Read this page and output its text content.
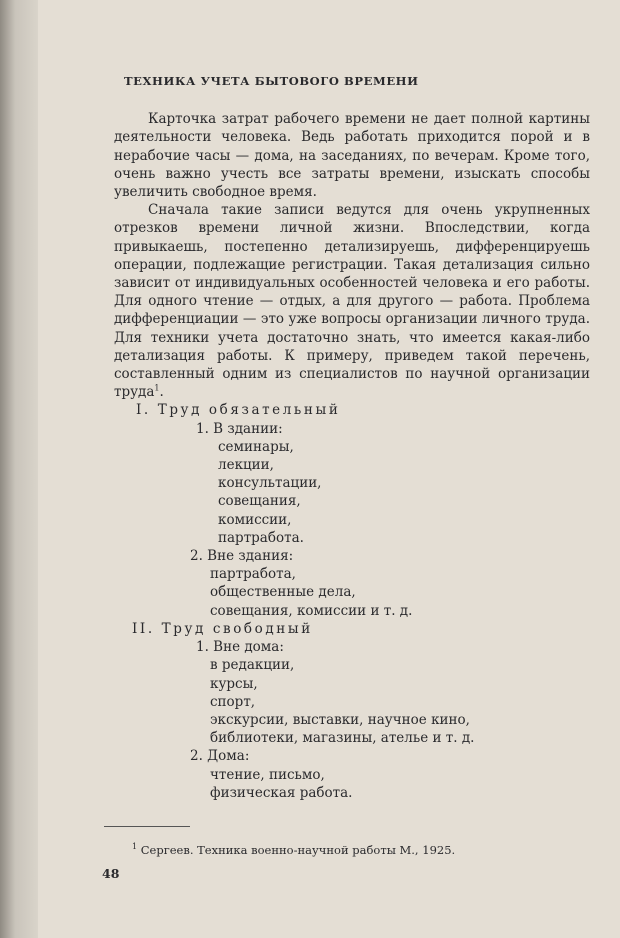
ТЕХНИКА УЧЕТА БЫТОВОГО ВРЕМЕНИ

Карточка затрат рабочего времени не дает полной картины деятельности человека. Ведь работать приходится порой и в нерабочие часы — дома, на заседаниях, по вечерам. Кроме того, очень важно учесть все затраты времени, изыскать способы увеличить свободное время.

Сначала такие записи ведутся для очень укрупненных отрезков времени личной жизни. Впоследствии, когда привыкаешь, постепенно детализируешь, дифференцируешь операции, подлежащие регистрации. Такая детализация сильно зависит от индивидуальных особенностей человека и его работы. Для одного чтение — отдых, а для другого — работа. Проблема дифференциации — это уже вопросы организации личного труда. Для техники учета достаточно знать, что имеется какая-либо детализация работы. К примеру, приведем такой перечень, составленный одним из специалистов по научной организации труда$^1$.

I. Труд обязательный
1. В здании:
семинары,
лекции,
консультации,
совещания,
комиссии,
партработа.
2. Вне здания:
партработа,
общественные дела,
совещания, комиссии и т. д.
II. Труд свободный
1. Вне дома:
в редакции,
курсы,
спорт,
экскурсии, выставки, научное кино,
библиотеки, магазины, ателье и т. д.
2. Дома:
чтение, письмо,
физическая работа.
$^1$ Сергеев. Техника военно-научной работы М., 1925.
48
